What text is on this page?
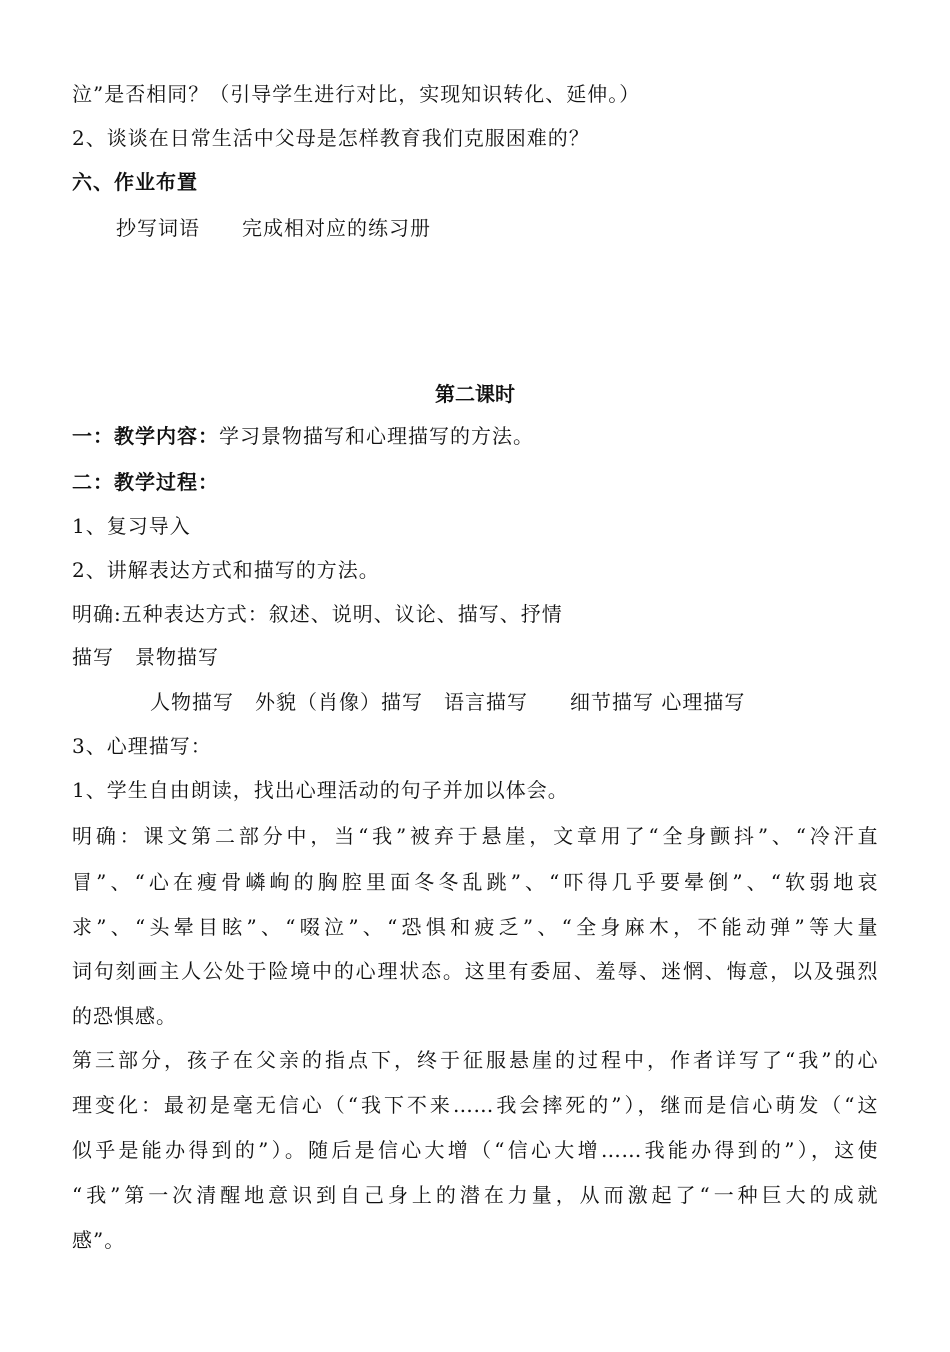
泣”是否相同？（引导学生进行对比，实现知识转化、延伸。）
2、谈谈在日常生活中父母是怎样教育我们克服困难的？
六、作业布置
抄写词语　　完成相对应的练习册
第二课时
一：教学内容：学习景物描写和心理描写的方法。
二：教学过程：
1、复习导入
2、讲解表达方式和描写的方法。
明确:五种表达方式：叙述、说明、议论、描写、抒情
描写　景物描写
人物描写　外貌（肖像）描写　语言描写　　细节描写 心理描写
3、心理描写：
1、学生自由朗读，找出心理活动的句子并加以体会。
明确：课文第二部分中，当“我”被弃于悬崖，文章用了“全身颤抖”、“冷汗直
冒”、“心在瘦骨嶙峋的胸腔里面冬冬乱跳”、“吓得几乎要晕倒”、“软弱地哀
求”、“头晕目眩”、“啜泣”、“恐惧和疲乏”、“全身麻木，不能动弹”等大量
词句刻画主人公处于险境中的心理状态。这里有委屈、羞辱、迷惘、悔意，以及强烈
的恐惧感。
第三部分，孩子在父亲的指点下，终于征服悬崖的过程中，作者详写了“我”的心
理变化：最初是毫无信心（“我下不来……我会摔死的”），继而是信心萌发（“这
似乎是能办得到的”）。随后是信心大增（“信心大增……我能办得到的”），这使
“我”第一次清醒地意识到自己身上的潜在力量，从而激起了“一种巨大的成就
感”。
